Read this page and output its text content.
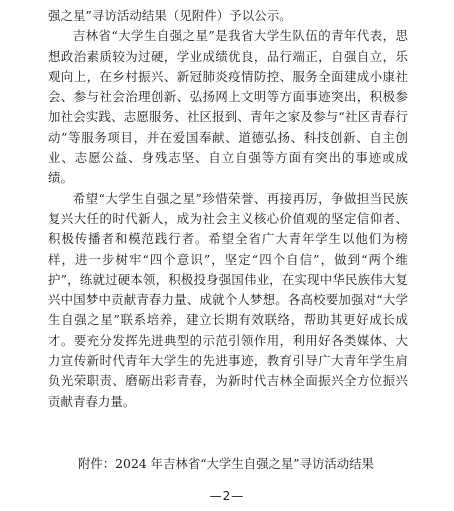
强之星”寻访活动结果（见附件）予以公示。

吉林省“大学生自强之星”是我省大学生队伍的青年代表，思想政治素质较为过硬，学业成绩优良，品行端正，自强自立，乐观向上，在乡村振兴、新冠肺炎疫情防控、服务全面建成小康社会、参与社会治理创新、弘扬网上文明等方面事迹突出，积极参加社会实践、志愿服务、社区报到、青年之家及参与“社区青春行动”等服务项目，并在爱国奉献、道德弘扬、科技创新、自主创业、志愿公益、身残志坚、自立自强等方面有突出的事迹或成绩。

希望“大学生自强之星”珍惜荣誉、再接再厉，争做担当民族复兴大任的时代新人，成为社会主义核心价值观的坚定信仰者、积极传播者和模范践行者。希望全省广大青年学生以他们为榜样，进一步树牢“四个意识”，坚定“四个自信”，做到“两个维护”，练就过硬本领，积极投身强国伟业，在实现中华民族伟大复兴中国梦中贡献青春力量、成就个人梦想。各高校要加强对“大学生自强之星”联系培养，建立长期有效联络，帮助其更好成长成才。要充分发挥先进典型的示范引领作用，利用好各类媒体、大力宣传新时代青年大学生的先进事迹，教育引导广大青年学生肩负光荣职责、磨砺出彩青春，为新时代吉林全面振兴全方位振兴贡献青春力量。

附件：2024 年吉林省“大学生自强之星”寻访活动结果
—2—
